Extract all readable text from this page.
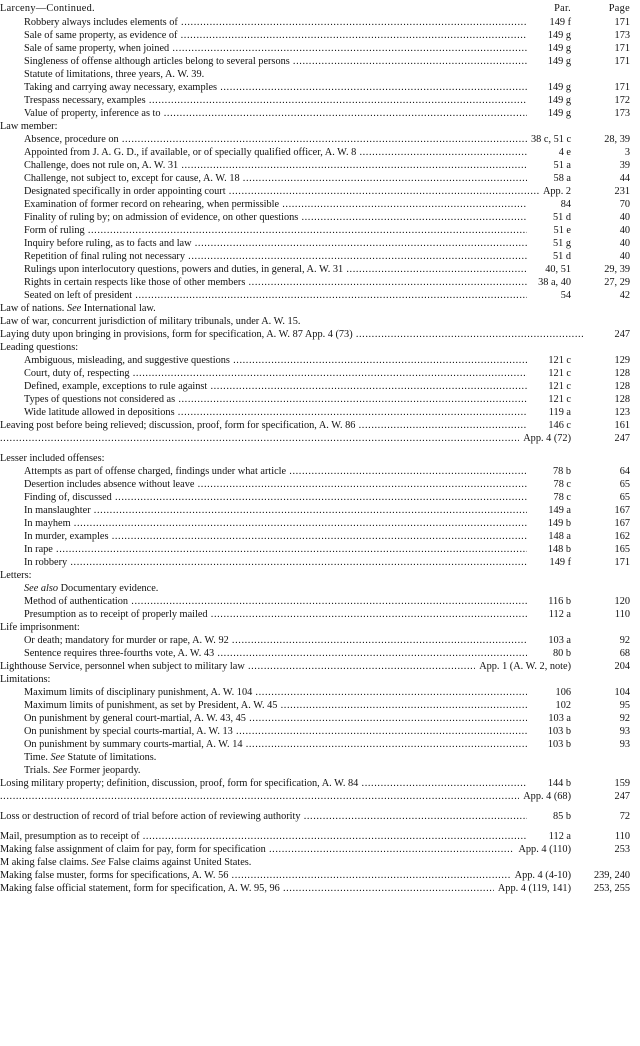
Larceny—Continued.	Par.	Page
Robbery always includes elements of .....	149 f	171
Sale of same property, as evidence of .....	149 g	173
Sale of same property, when joined .....	149 g	171
Singleness of offense although articles belong to several persons .....	149 g	171
Statute of limitations, three years, A. W. 39.
Taking and carrying away necessary, examples .....	149 g	171
Trespass necessary, examples .....	149 g	172
Value of property, inference as to .....	149 g	173
Law member:
Absence, procedure on .....	38 c, 51 c	28, 39
Appointed from J. A. G. D., if available, or of specially qualified officer, A. W. 8 .....	4 e	3
Challenge, does not rule on, A. W. 31 .....	51 a	39
Challenge, not subject to, except for cause, A. W. 18 .....	58 a	44
Designated specifically in order appointing court .....	App. 2	231
Examination of former record on rehearing, when permissible .....	84	70
Finality of ruling by; on admission of evidence, on other questions .....	51 d	40
Form of ruling .....	51 e	40
Inquiry before ruling, as to facts and law .....	51 g	40
Repetition of final ruling not necessary .....	51 d	40
Rulings upon interlocutory questions, powers and duties, in general, A. W. 31 .....	40, 51	29, 39
Rights in certain respects like those of other members .....	38 a, 40	27, 29
Seated on left of president .....	54	42
Law of nations. See International law.
Law of war, concurrent jurisdiction of military tribunals, under A. W. 15.
Laying duty upon bringing in provisions, form for specification, A. W. 87 App. 4 (73) .....	247
Leading questions:
Ambiguous, misleading, and suggestive questions .....	121 c	129
Court, duty of, respecting .....	121 c	128
Defined, example, exceptions to rule against .....	121 c	128
Types of questions not considered as .....	121 c	128
Wide latitude allowed in depositions .....	119 a	123
Leaving post before being relieved; discussion, proof, form for specification, A. W. 86 .....	146 c	161
.....
App. 4 (72)	247
Lesser included offenses:
Attempts as part of offense charged, findings under what article .....	78 b	64
Desertion includes absence without leave .....	78 c	65
Finding of, discussed .....	78 c	65
In manslaughter .....	149 a	167
In mayhem .....	149 b	167
In murder, examples .....	148 a	162
In rape .....	148 b	165
In robbery .....	149 f	171
Letters:
See also Documentary evidence.
Method of authentication .....	116 b	120
Presumption as to receipt of properly mailed .....	112 a	110
Life imprisonment:
Or death; mandatory for murder or rape, A. W. 92 .....	103 a	92
Sentence requires three-fourths vote, A. W. 43 .....	80 b	68
Lighthouse Service, personnel when subject to military law .....	App. 1 (A. W. 2, note)	204
Limitations:
Maximum limits of disciplinary punishment, A. W. 104 .....	106	104
Maximum limits of punishment, as set by President, A. W. 45 .....	102	95
On punishment by general court-martial, A. W. 43, 45 .....	103 a	92
On punishment by special courts-martial, A. W. 13 .....	103 b	93
On punishment by summary courts-martial, A. W. 14 .....	103 b	93
Time. See Statute of limitations.
Trials. See Former jeopardy.
Losing military property; definition, discussion, proof, form for specification, A. W. 84 .....	144 b	159
.....
App. 4 (68)	247
Loss or destruction of record of trial before action of reviewing authority .....	85 b	72
Mail, presumption as to receipt of .....	112 a	110
Making false assignment of claim for pay, form for specification .....	App. 4 (110)	253
M aking false claims. See False claims against United States.
Making false muster, forms for specifications, A. W. 56 .....	App. 4 (4-10)	239, 240
Making false official statement, form for specification, A. W. 95, 96 .....	App. 4 (119, 141)	253, 255
